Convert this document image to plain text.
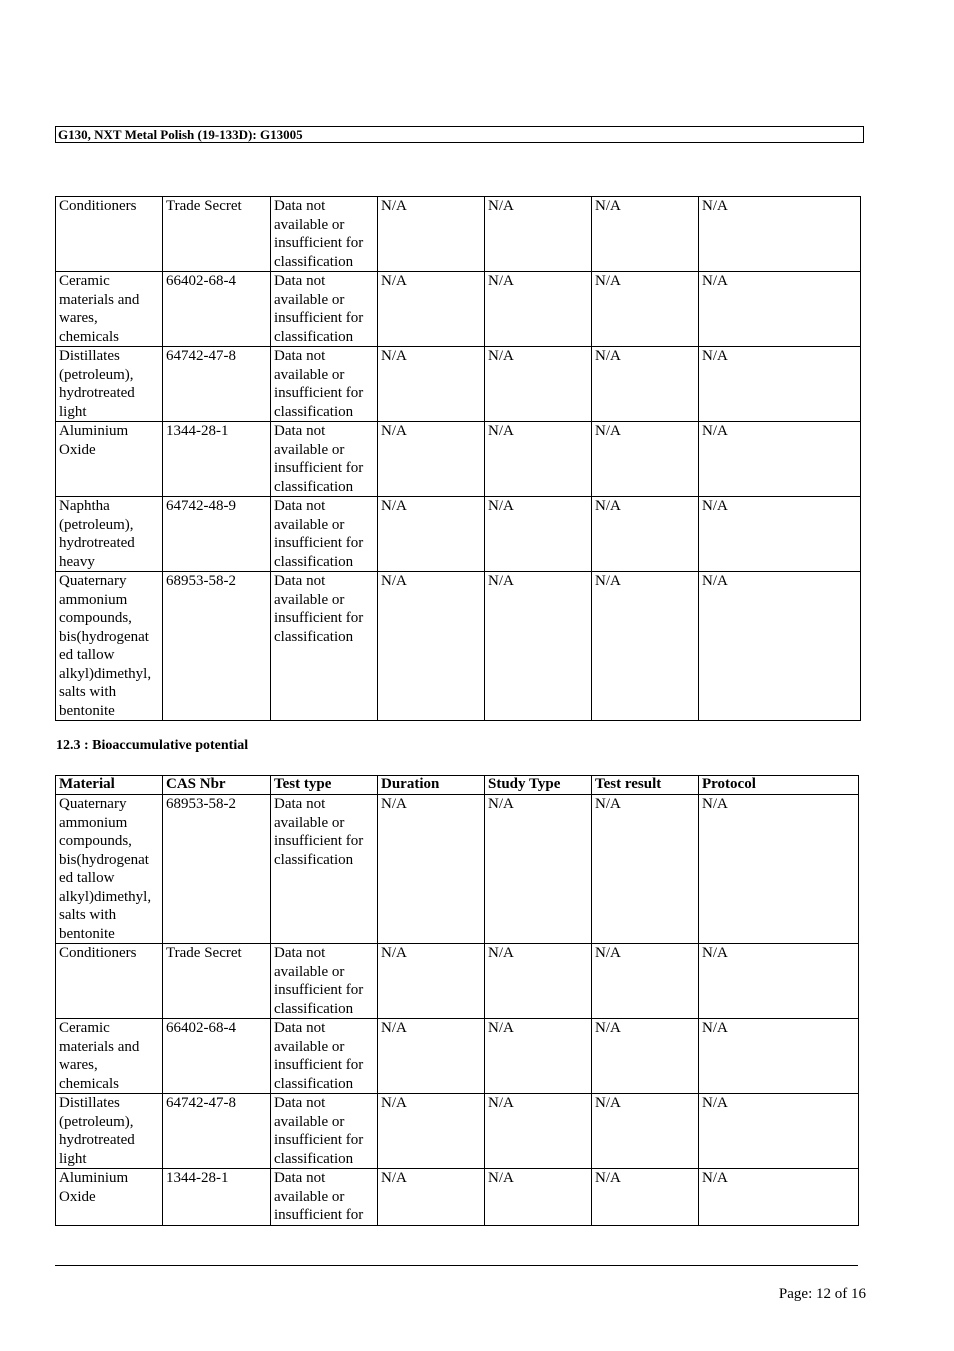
G130, NXT Metal Polish (19-133D): G13005
Conditioners	Trade Secret	Data not available or insufficient for classification	N/A	N/A	N/A	N/A
Ceramic materials and wares, chemicals	66402-68-4	Data not available or insufficient for classification	N/A	N/A	N/A	N/A
Distillates (petroleum), hydrotreated light	64742-47-8	Data not available or insufficient for classification	N/A	N/A	N/A	N/A
Aluminium Oxide	1344-28-1	Data not available or insufficient for classification	N/A	N/A	N/A	N/A
Naphtha (petroleum), hydrotreated heavy	64742-48-9	Data not available or insufficient for classification	N/A	N/A	N/A	N/A
Quaternary ammonium compounds, bis(hydrogenat ed tallow alkyl)dimethyl, salts with bentonite	68953-58-2	Data not available or insufficient for classification	N/A	N/A	N/A	N/A
12.3 : Bioaccumulative potential
Material	CAS Nbr	Test type	Duration	Study Type	Test result	Protocol
Quaternary ammonium compounds, bis(hydrogenat ed tallow alkyl)dimethyl, salts with bentonite	68953-58-2	Data not available or insufficient for classification	N/A	N/A	N/A	N/A
Conditioners	Trade Secret	Data not available or insufficient for classification	N/A	N/A	N/A	N/A
Ceramic materials and wares, chemicals	66402-68-4	Data not available or insufficient for classification	N/A	N/A	N/A	N/A
Distillates (petroleum), hydrotreated light	64742-47-8	Data not available or insufficient for classification	N/A	N/A	N/A	N/A
Aluminium Oxide	1344-28-1	Data not available or insufficient for	N/A	N/A	N/A	N/A
Page: 12 of 16
